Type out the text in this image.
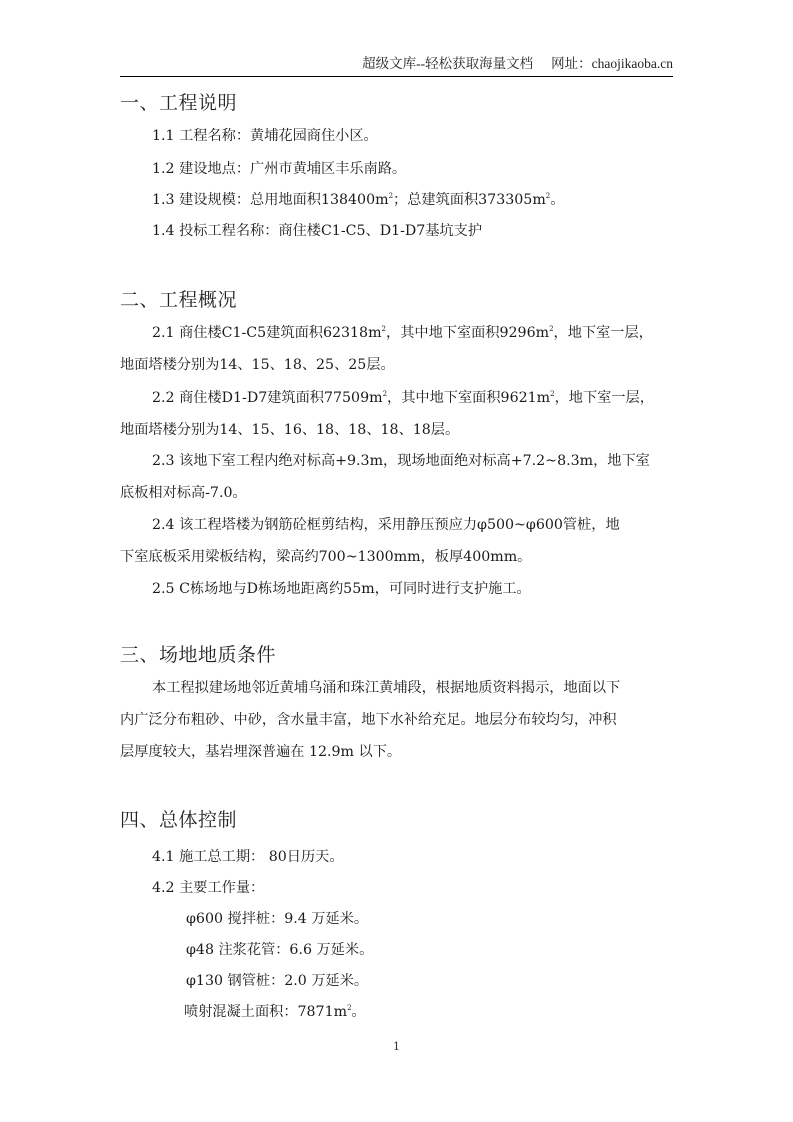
超级文库--轻松获取海量文档 网址：chaojikaoba.cn
一、工程说明
1.1 工程名称：黄埔花园商住小区。
1.2 建设地点：广州市黄埔区丰乐南路。
1.3 建设规模：总用地面积$138400m^2$；总建筑面积$373305m^2$。
1.4 投标工程名称：商住楼C1-C5、D1-D7基坑支护
二、工程概况
2.1 商住楼C1-C5建筑面积$62318m^2$，其中地下室面积$9296m^2$，地下室一层，
地面塔楼分别为14、15、18、25、25层。
2.2 商住楼D1-D7建筑面积$77509m^2$，其中地下室面积$9621m^2$，地下室一层，
地面塔楼分别为14、15、16、18、18、18、18层。
2.3 该地下室工程内绝对标高+9.3m，现场地面绝对标高+7.2~8.3m，地下室
底板相对标高-7.0。
2.4 该工程塔楼为钢筋砼框剪结构，采用静压预应力φ500~φ600管桩，地
下室底板采用梁板结构，梁高约700~1300mm，板厚400mm。
2.5 C栋场地与D栋场地距离约55m，可同时进行支护施工。
三、场地地质条件
本工程拟建场地邻近黄埔乌涌和珠江黄埔段，根据地质资料揭示，地面以下
内广泛分布粗砂、中砂，含水量丰富，地下水补给充足。地层分布较均匀，冲积
层厚度较大，基岩埋深普遍在 12.9m 以下。
四、总体控制
4.1 施工总工期： 80日历天。
4.2 主要工作量：
φ600 搅拌桩：9.4 万延米。
φ48 注浆花管：6.6 万延米。
φ130 钢管桩：2.0 万延米。
喷射混凝土面积：$7871m^2$。
1
